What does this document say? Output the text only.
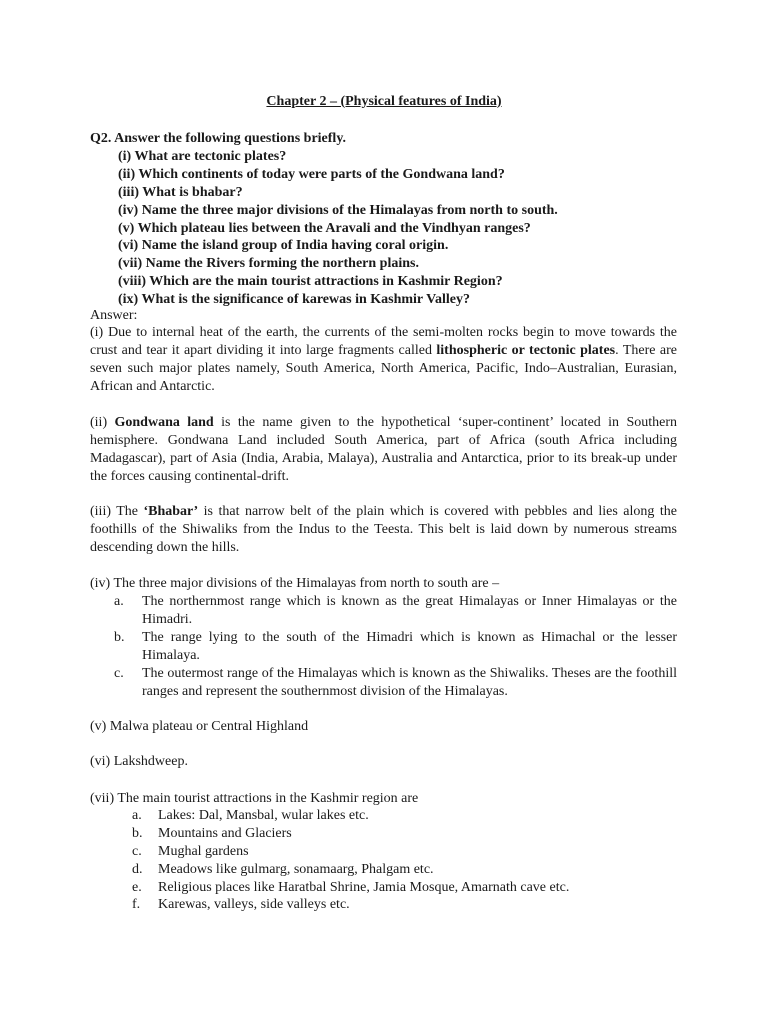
Chapter 2 – (Physical features of India)
Q2. Answer the following questions briefly.
(i) What are tectonic plates?
(ii) Which continents of today were parts of the Gondwana land?
(iii) What is bhabar?
(iv) Name the three major divisions of the Himalayas from north to south.
(v) Which plateau lies between the Aravali and the Vindhyan ranges?
(vi) Name the island group of India having coral origin.
(vii) Name the Rivers forming the northern plains.
(viii) Which are the main tourist attractions in Kashmir Region?
(ix) What is the significance of karewas in Kashmir Valley?
Answer:

(i) Due to internal heat of the earth, the currents of the semi-molten rocks begin to move towards the crust and tear it apart dividing it into large fragments called lithospheric or tectonic plates. There are seven such major plates namely, South America, North America, Pacific, Indo–Australian, Eurasian, African and Antarctic.

(ii) Gondwana land is the name given to the hypothetical ‘super-continent’ located in Southern hemisphere. Gondwana Land included South America, part of Africa (south Africa including Madagascar), part of Asia (India, Arabia, Malaya), Australia and Antarctica, prior to its break-up under the forces causing continental-drift.

(iii) The ‘Bhabar’ is that narrow belt of the plain which is covered with pebbles and lies along the foothills of the Shiwaliks from the Indus to the Teesta. This belt is laid down by numerous streams descending down the hills.

(iv) The three major divisions of the Himalayas from north to south are –
a. The northernmost range which is known as the great Himalayas or Inner Himalayas or the Himadri.
b. The range lying to the south of the Himadri which is known as Himachal or the lesser Himalaya.
c. The outermost range of the Himalayas which is known as the Shiwaliks. Theses are the foothill ranges and represent the southernmost division of the Himalayas.
(v) Malwa plateau or Central Highland
(vi) Lakshdweep.
(vii) The main tourist attractions in the Kashmir region are
a. Lakes: Dal, Mansbal, wular lakes etc.
b. Mountains and Glaciers
c. Mughal gardens
d. Meadows like gulmarg, sonamaarg, Phalgam etc.
e. Religious places like Haratbal Shrine, Jamia Mosque, Amarnath cave etc.
f. Karewas, valleys, side valleys etc.
